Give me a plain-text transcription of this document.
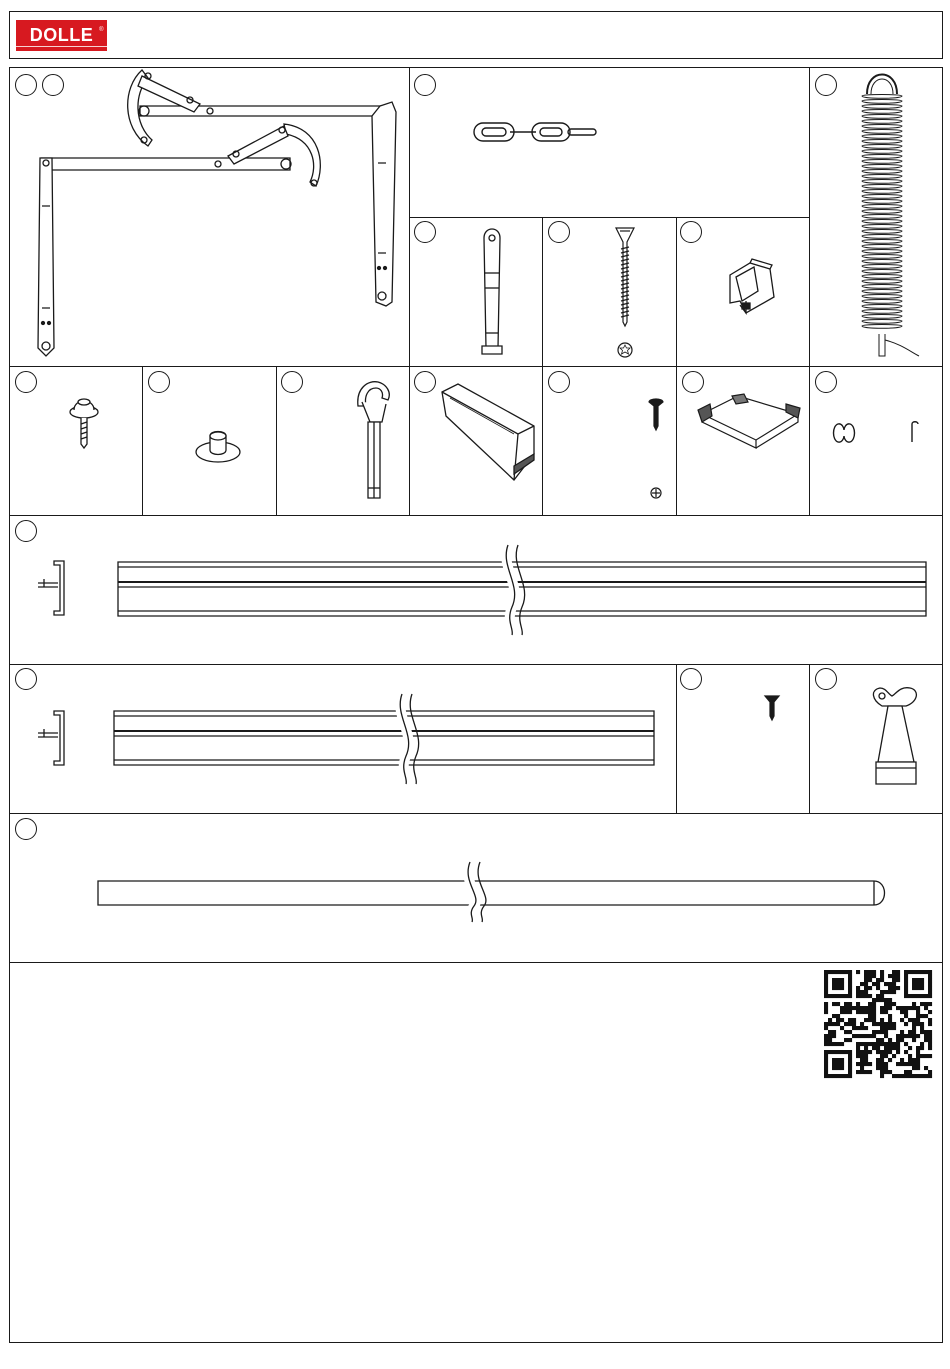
DOLLE ®
